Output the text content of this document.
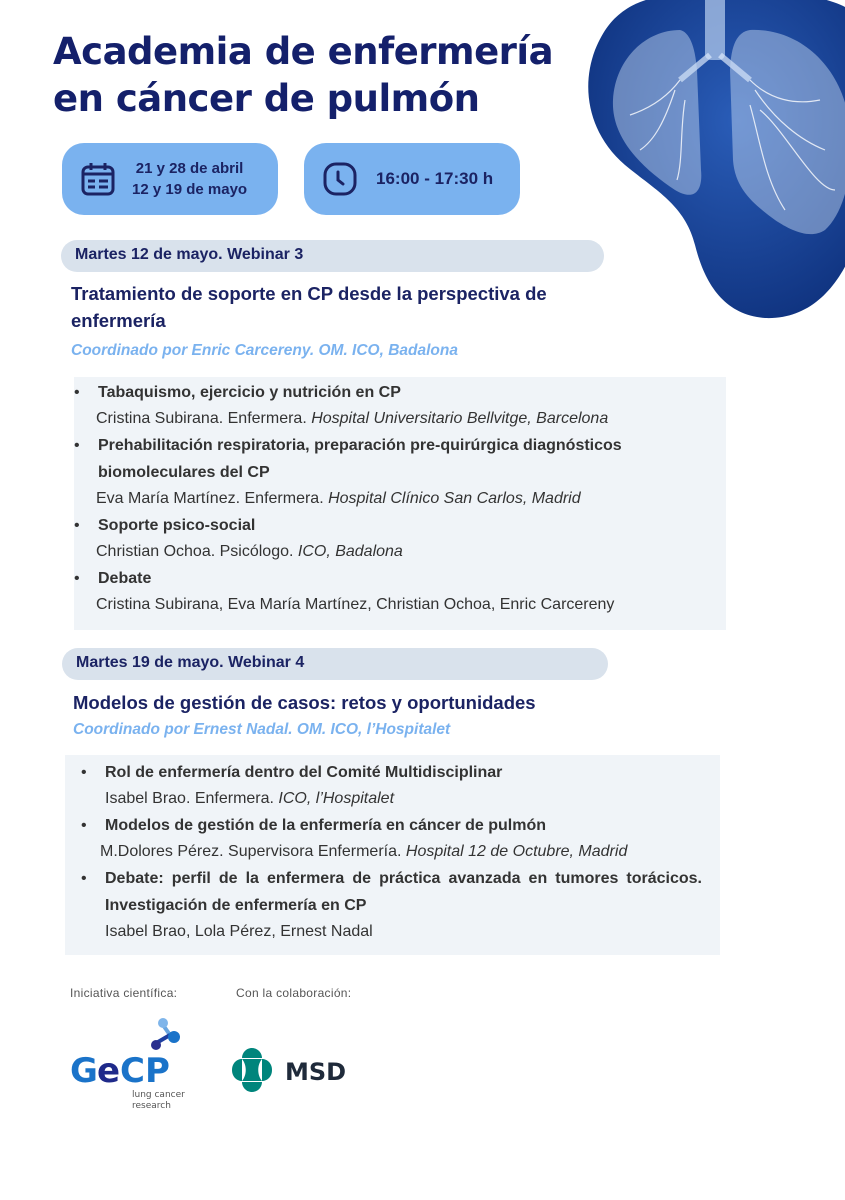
Academia de enfermería
en cáncer de pulmón
21 y 28 de abril
12 y 19 de mayo
16:00 - 17:30 h
Martes 12 de mayo. Webinar 3
Tratamiento de soporte en CP desde la perspectiva de enfermería
Coordinado por Enric Carcereny. OM. ICO, Badalona
• Tabaquismo, ejercicio y nutrición en CP
Cristina Subirana. Enfermera. Hospital Universitario Bellvitge, Barcelona
• Prehabilitación respiratoria, preparación pre-quirúrgica diagnósticos biomoleculares del CP
Eva María Martínez. Enfermera. Hospital Clínico San Carlos, Madrid
• Soporte psico-social
Christian Ochoa. Psicólogo. ICO, Badalona
• Debate
Cristina Subirana, Eva María Martínez, Christian Ochoa, Enric Carcereny
Martes 19 de mayo. Webinar 4
Modelos de gestión de casos: retos y oportunidades
Coordinado por Ernest Nadal. OM. ICO, l’Hospitalet
• Rol de enfermería dentro del Comité Multidisciplinar
Isabel Brao. Enfermera. ICO, l’Hospitalet
• Modelos de gestión de la enfermería en cáncer de pulmón
M.Dolores Pérez. Supervisora Enfermería. Hospital 12 de Octubre, Madrid
• Debate: perfil de la enfermera de práctica avanzada en tumores torácicos. Investigación de enfermería en CP
Isabel Brao, Lola Pérez, Ernest Nadal
Iniciativa científica:	Con la colaboración:
G e CP
lung cancer
research
MSD
